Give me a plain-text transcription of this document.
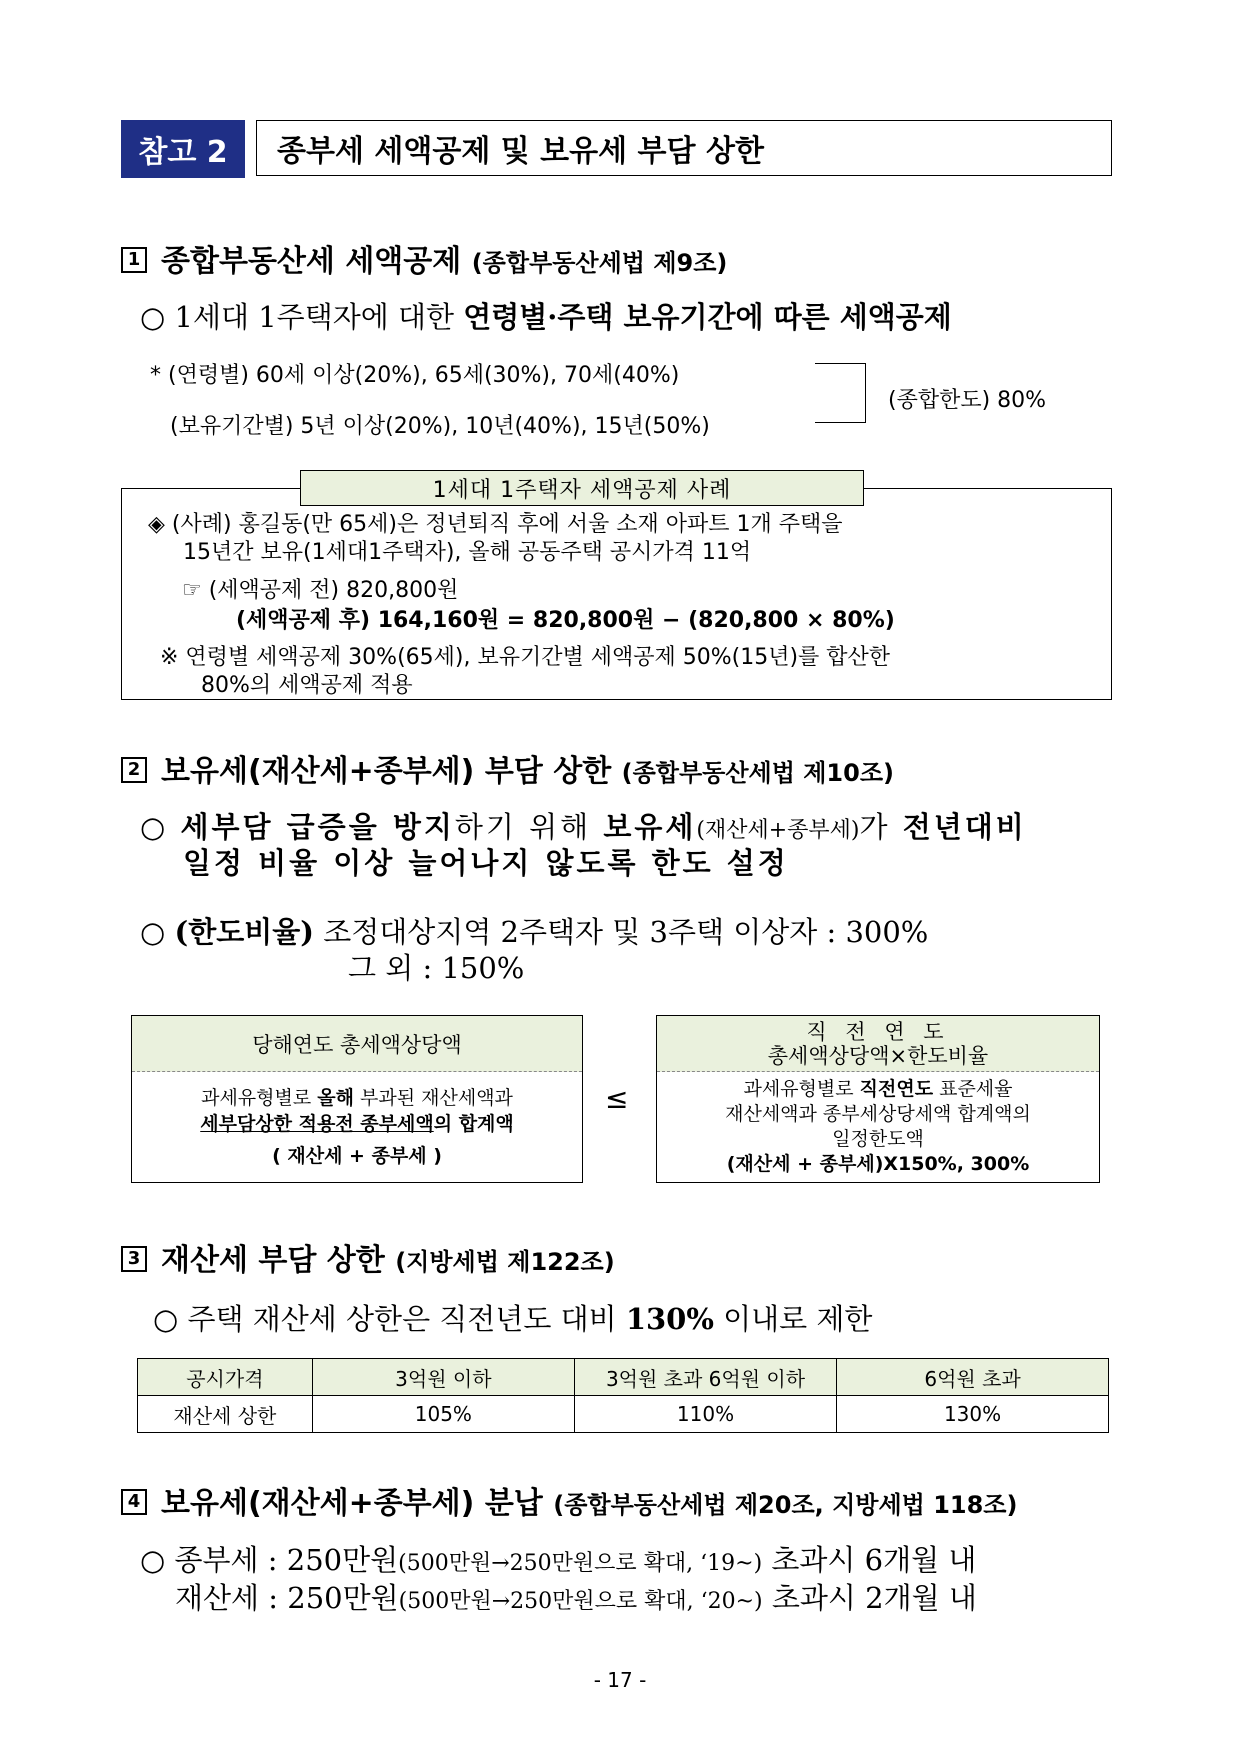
참고 2	종부세 세액공제 및 보유세 부담 상한
1 종합부동산세 세액공제 (종합부동산세법 제9조)
○ 1세대 1주택자에 대한 연령별·주택 보유기간에 따른 세액공제
* (연령별) 60세 이상(20%), 65세(30%), 70세(40%)
(보유기간별) 5년 이상(20%), 10년(40%), 15년(50%)
(종합한도) 80%
1세대 1주택자 세액공제 사례
◈ (사례) 홍길동(만 65세)은 정년퇴직 후에 서울 소재 아파트 1개 주택을
15년간 보유(1세대1주택자), 올해 공동주택 공시가격 11억
☞ (세액공제 전) 820,800원
(세액공제 후) 164,160원 = 820,800원 − (820,800 × 80%)
※ 연령별 세액공제 30%(65세), 보유기간별 세액공제 50%(15년)를 합산한
80%의 세액공제 적용
2 보유세(재산세+종부세) 부담 상한 (종합부동산세법 제10조)
○ 세부담 급증을 방지하기 위해 보유세(재산세+종부세)가 전년대비
일정 비율 이상 늘어나지 않도록 한도 설정
○ (한도비율) 조정대상지역 2주택자 및 3주택 이상자 : 300%
그 외 : 150%
당해연도 총세액상당액
과세유형별로 올해 부과된 재산세액과
세부담상한 적용전 종부세액의 합계액
( 재산세 + 종부세 )
≤
직 전 연 도
총세액상당액×한도비율
과세유형별로 직전연도 표준세율
재산세액과 종부세상당세액 합계액의
일정한도액
(재산세 + 종부세)X150%, 300%
3 재산세 부담 상한 (지방세법 제122조)
○ 주택 재산세 상한은 직전년도 대비 130% 이내로 제한
공시가격	3억원 이하	3억원 초과 6억원 이하	6억원 초과
재산세 상한	105%	110%	130%
4 보유세(재산세+종부세) 분납 (종합부동산세법 제20조, 지방세법 118조)
○ 종부세 : 250만원(500만원→250만원으로 확대, ‘19~) 초과시 6개월 내
재산세 : 250만원(500만원→250만원으로 확대, ‘20~) 초과시 2개월 내
- 17 -
